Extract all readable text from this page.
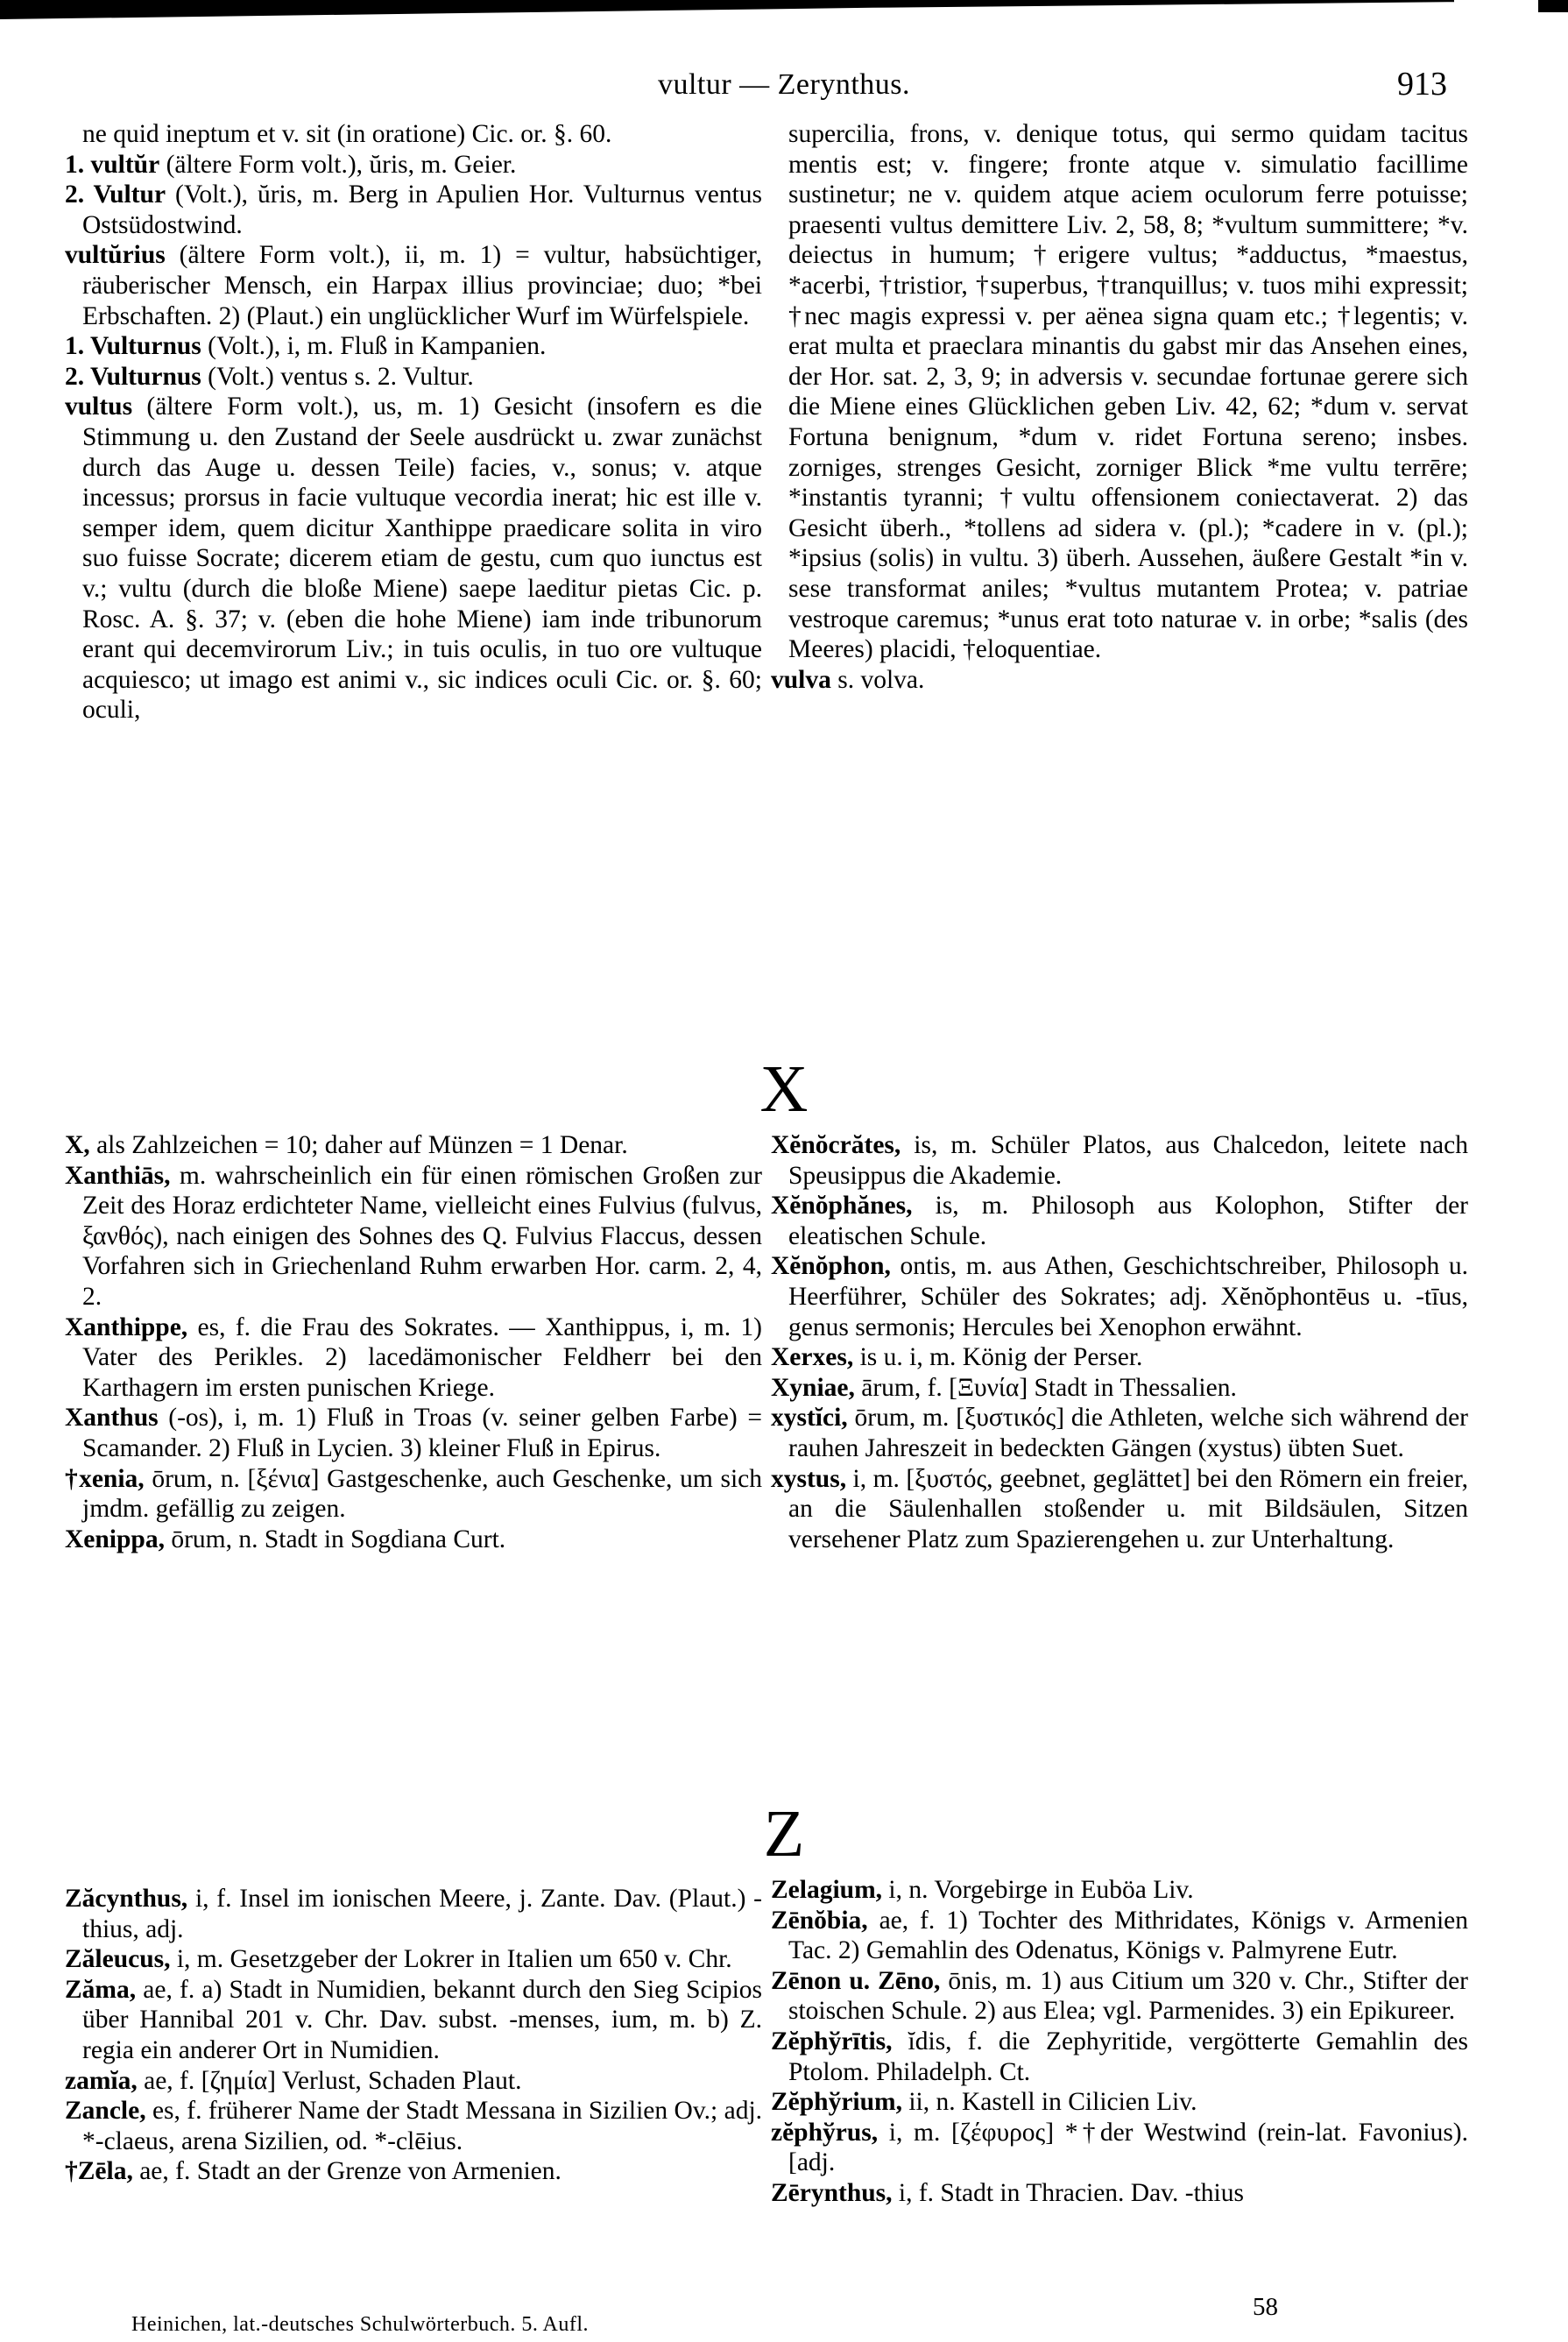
vultur — Zerynthus.	913

ne quid ineptum et v. sit (in oratione) Cic. or. §. 60.

1. vultŭr (ältere Form volt.), ŭris, m. Geier.

2. Vultur (Volt.), ŭris, m. Berg in Apulien Hor. Vulturnus ventus Ostsüdostwind.

vultŭrius (ältere Form volt.), ii, m. 1) = vultur, habsüchtiger, räuberischer Mensch, ein Harpax illius provinciae; duo; *bei Erbschaften. 2) (Plaut.) ein unglücklicher Wurf im Würfelspiele.

1. Vulturnus (Volt.), i, m. Fluß in Kampanien.

2. Vulturnus (Volt.) ventus s. 2. Vultur.

vultus (ältere Form volt.), us, m. 1) Gesicht (insofern es die Stimmung u. den Zustand der Seele ausdrückt u. zwar zunächst durch das Auge u. dessen Teile) facies, v., sonus; v. atque incessus; prorsus in facie vultuque vecordia inerat; hic est ille v. semper idem, quem dicitur Xanthippe praedicare solita in viro suo fuisse Socrate; dicerem etiam de gestu, cum quo iunctus est v.; vultu (durch die bloße Miene) saepe laeditur pietas Cic. p. Rosc. A. §. 37; v. (eben die hohe Miene) iam inde tribunorum erant qui decemvirorum Liv.; in tuis oculis, in tuo ore vultuque acquiesco; ut imago est animi v., sic indices oculi Cic. or. §. 60; oculi,

supercilia, frons, v. denique totus, qui sermo quidam tacitus mentis est; v. fingere; fronte atque v. simulatio facillime sustinetur; ne v. quidem atque aciem oculorum ferre potuisse; praesenti vultus demittere Liv. 2, 58, 8; *vultum summittere; *v. deiectus in humum; †erigere vultus; *adductus, *maestus, *acerbi, †tristior, †superbus, †tranquillus; v. tuos mihi expressit; †nec magis expressi v. per aënea signa quam etc.; †legentis; v. erat multa et praeclara minantis du gabst mir das Ansehen eines, der Hor. sat. 2, 3, 9; in adversis v. secundae fortunae gerere sich die Miene eines Glücklichen geben Liv. 42, 62; *dum v. servat Fortuna benignum, *dum v. ridet Fortuna sereno; insbes. zorniges, strenges Gesicht, zorniger Blick *me vultu terrēre; *instantis tyranni; †vultu offensionem coniectaverat. 2) das Gesicht überh., *tollens ad sidera v. (pl.); *cadere in v. (pl.); *ipsius (solis) in vultu. 3) überh. Aussehen, äußere Gestalt *in v. sese transformat aniles; *vultus mutantem Protea; v. patriae vestroque caremus; *unus erat toto naturae v. in orbe; *salis (des Meeres) placidi, †eloquentiae.

vulva s. volva.

X

X, als Zahlzeichen = 10; daher auf Münzen = 1 Denar.

Xanthiās, m. wahrscheinlich ein für einen römischen Großen zur Zeit des Horaz erdichteter Name, vielleicht eines Fulvius (fulvus, ξανθός), nach einigen des Sohnes des Q. Fulvius Flaccus, dessen Vorfahren sich in Griechenland Ruhm erwarben Hor. carm. 2, 4, 2.

Xanthippe, es, f. die Frau des Sokrates. — Xanthippus, i, m. 1) Vater des Perikles. 2) lacedämonischer Feldherr bei den Karthagern im ersten punischen Kriege.

Xanthus (-os), i, m. 1) Fluß in Troas (v. seiner gelben Farbe) = Scamander. 2) Fluß in Lycien. 3) kleiner Fluß in Epirus.

†xenia, ōrum, n. [ξένια] Gastgeschenke, auch Geschenke, um sich jmdm. gefällig zu zeigen.

Xenippa, ōrum, n. Stadt in Sogdiana Curt.

Xĕnŏcrătes, is, m. Schüler Platos, aus Chalcedon, leitete nach Speusippus die Akademie.

Xĕnŏphănes, is, m. Philosoph aus Kolophon, Stifter der eleatischen Schule.

Xĕnŏphon, ontis, m. aus Athen, Geschichtschreiber, Philosoph u. Heerführer, Schüler des Sokrates; adj. Xĕnŏphontēus u. -tīus, genus sermonis; Hercules bei Xenophon erwähnt.

Xerxes, is u. i, m. König der Perser.

Xyniae, ārum, f. [Ξυνία] Stadt in Thessalien.

xystĭci, ōrum, m. [ξυστικός] die Athleten, welche sich während der rauhen Jahreszeit in bedeckten Gängen (xystus) übten Suet.

xystus, i, m. [ξυστός, geebnet, geglättet] bei den Römern ein freier, an die Säulenhallen stoßender u. mit Bildsäulen, Sitzen versehener Platz zum Spazierengehen u. zur Unterhaltung.

Z

Zăcynthus, i, f. Insel im ionischen Meere, j. Zante. Dav. (Plaut.) -thius, adj.

Zăleucus, i, m. Gesetzgeber der Lokrer in Italien um 650 v. Chr.

Zăma, ae, f. a) Stadt in Numidien, bekannt durch den Sieg Scipios über Hannibal 201 v. Chr. Dav. subst. -menses, ium, m. b) Z. regia ein anderer Ort in Numidien.

zamĭa, ae, f. [ζημία] Verlust, Schaden Plaut.

Zancle, es, f. früherer Name der Stadt Messana in Sizilien Ov.; adj. *-claeus, arena Sizilien, od. *-clēius.

†Zēla, ae, f. Stadt an der Grenze von Armenien.

Zelagium, i, n. Vorgebirge in Euböa Liv.

Zēnŏbia, ae, f. 1) Tochter des Mithridates, Königs v. Armenien Tac. 2) Gemahlin des Odenatus, Königs v. Palmyrene Eutr.

Zēnon u. Zēno, ōnis, m. 1) aus Citium um 320 v. Chr., Stifter der stoischen Schule. 2) aus Elea; vgl. Parmenides. 3) ein Epikureer.

Zĕphўrītis, ĭdis, f. die Zephyritide, vergötterte Gemahlin des Ptolom. Philadelph. Ct.

Zĕphўrium, ii, n. Kastell in Cilicien Liv.

zĕphўrus, i, m. [ζέφυρος] *†der Westwind (rein-lat. Favonius). [adj.

Zērynthus, i, f. Stadt in Thracien. Dav. -thius

Heinichen, lat.-deutsches Schulwörterbuch. 5. Aufl.
58
